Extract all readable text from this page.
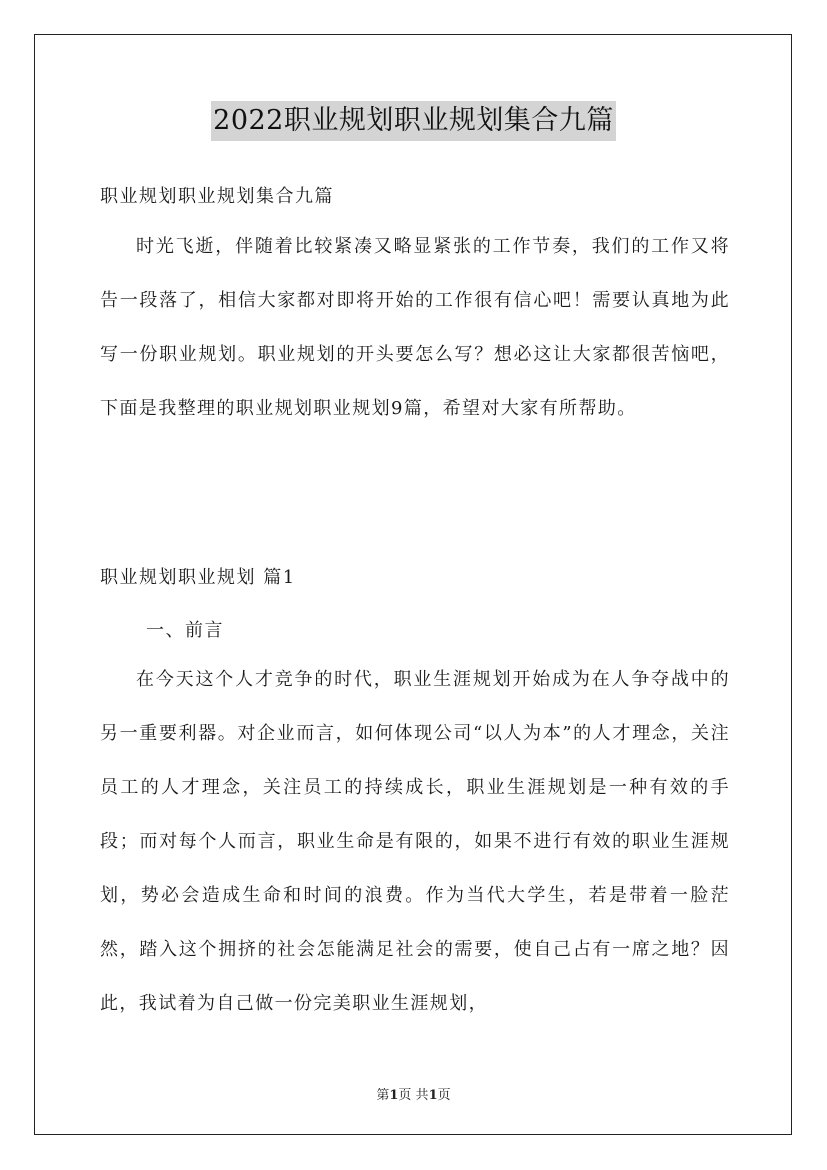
2022职业规划职业规划集合九篇
职业规划职业规划集合九篇
时光飞逝，伴随着比较紧凑又略显紧张的工作节奏，我们的工作又将告一段落了，相信大家都对即将开始的工作很有信心吧！需要认真地为此写一份职业规划。职业规划的开头要怎么写？想必这让大家都很苦恼吧，下面是我整理的职业规划职业规划9篇，希望对大家有所帮助。
职业规划职业规划 篇1
一、前言
在今天这个人才竞争的时代，职业生涯规划开始成为在人争夺战中的另一重要利器。对企业而言，如何体现公司“以人为本”的人才理念，关注员工的人才理念，关注员工的持续成长，职业生涯规划是一种有效的手段；而对每个人而言，职业生命是有限的，如果不进行有效的职业生涯规划，势必会造成生命和时间的浪费。作为当代大学生，若是带着一脸茫然，踏入这个拥挤的社会怎能满足社会的需要，使自己占有一席之地？因此，我试着为自己做一份完美职业生涯规划，
第1页 共1页
